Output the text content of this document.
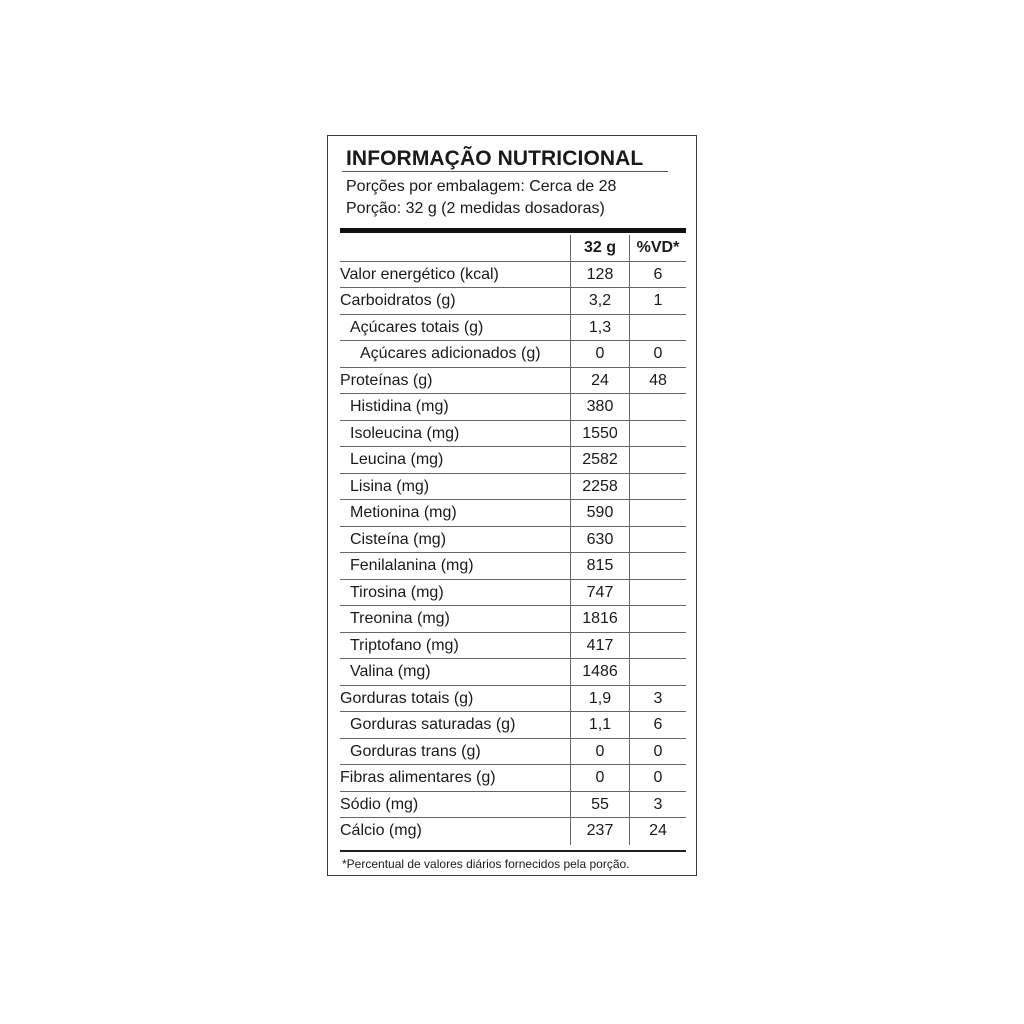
INFORMAÇÃO NUTRICIONAL
Porções por embalagem: Cerca de 28
Porção: 32 g (2 medidas dosadoras)
32 g	%VD*
Valor energético (kcal)	128	6
Carboidratos (g)	3,2	1
Açúcares totais (g)	1,3
Açúcares adicionados (g)	0	0
Proteínas (g)	24	48
Histidina (mg)	380
Isoleucina (mg)	1550
Leucina (mg)	2582
Lisina (mg)	2258
Metionina (mg)	590
Cisteína (mg)	630
Fenilalanina (mg)	815
Tirosina (mg)	747
Treonina (mg)	1816
Triptofano (mg)	417
Valina (mg)	1486
Gorduras totais (g)	1,9	3
Gorduras saturadas (g)	1,1	6
Gorduras trans (g)	0	0
Fibras alimentares (g)	0	0
Sódio (mg)	55	3
Cálcio (mg)	237	24
*Percentual de valores diários fornecidos pela porção.
